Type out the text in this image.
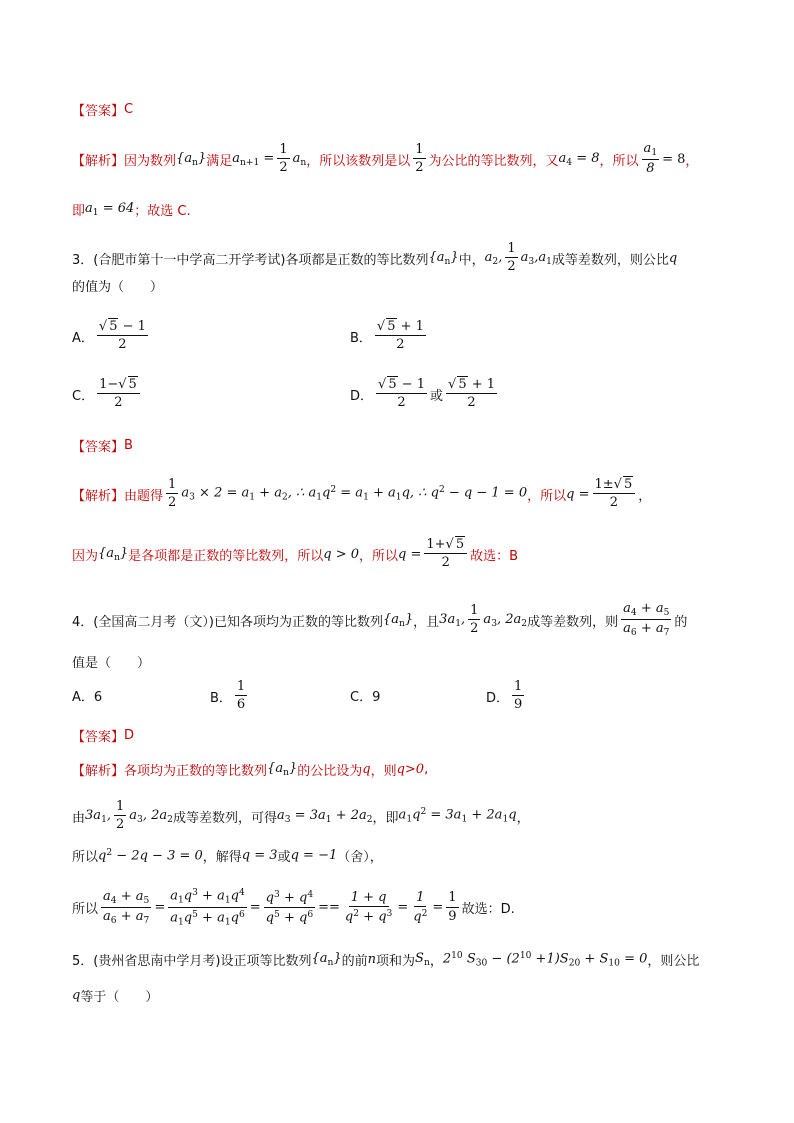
【答案】 C
【解析】 因为数列 $\{a_n\}$ 满足 $a_{n+1} = \frac{1}{2} a_n$ ，所以该数列是以 $\frac{1}{2}$ 为公比的等比数列，又 $a_4 = 8$ ，所以 $\frac{a_1}{8} = 8$ ，
即 $a_1 = 64$ ；故选 C.
3． (合肥市第十一中学高二开学考试) 各项都是正数的等比数列 $\{a_n\}$ 中， $a_2$, $\frac{1}{2} a_3,a_1$ 成等差数列，则公比 q
的值为（　　）
A． $\frac{√ 5 - 1}{2}$	B． $\frac{√ 5 + 1}{2}$
C． $\frac{1-√ 5}{2}$	D． $\frac{√ 5 - 1}{2}$ 或 $\frac{√ 5 + 1}{2}$
【答案】 B
【解析】 由题得 $\frac{1}{2} a_3 \times 2 = a_1 + a_2$, ∴ $a_1q^2 = a_1 + a_1q$, ∴ $q^2 - q - 1 = 0$ ，所以 $q = \frac{1\pm√ 5}{2}$ ，
因为 $\{a_n\}$ 是各项都是正数的等比数列，所以 q > 0 ，所以 $q = \frac{1+√ 5}{2}$ 故选：B
4． (全国高二月考（文）) 已知各项均为正数的等比数列 $\{a_n\}$ ，且 $3a_1$, $\frac{1}{2} a_3$, $2a_2$ 成等差数列，则 $\frac{a_4 + a_5}{a_6 + a_7}$ 的
值是（　　）
A．6	B． $\frac{1}{6}$	C．9	D． $\frac{1}{9}$
【答案】 D
【解析】 各项均为正数的等比数列 $\{a_n\}$ 的公比设为 q ，则 q>0 ,
由 $3a_1$, $\frac{1}{2} a_3$, $2a_2$ 成等差数列，可得 $a_3 = 3a_1 + 2a_2$ ，即 $a_1q^2 = 3a_1 + 2a_1q$ ，
所以 $q^2 - 2q - 3 = 0$ ，解得 q = 3 或 q = −1 （舍），
所以 $\frac{a_4 + a_5}{a_6 + a_7} = \frac{a_1q^3 + a_1q^4}{a_1q^5 + a_1q^6} = \frac{q^3 + q^4}{q^5 + q^6} == \frac{1 + q}{q^2 + q^3} = \frac{1}{q^2} = \frac{1}{9}$ 故选：D.
5． (贵州省思南中学月考) 设正项等比数列 $\{a_n\}$ 的前 n 项和为 $S_n$ ， $2^{10}$ $S_{30} - (2^{10} +1)S_{20} + S_{10} = 0$ ，则公比
q 等于（　　）
